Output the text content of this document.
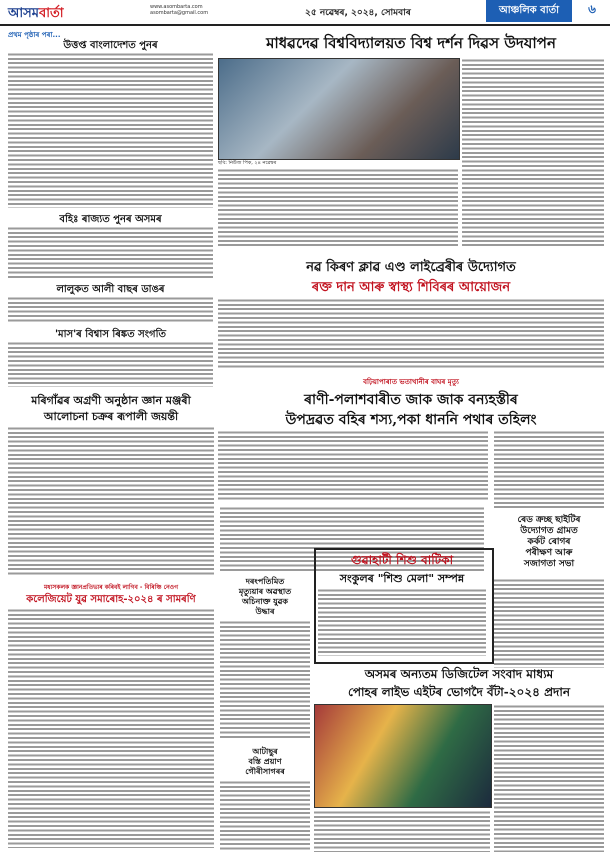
আসমবাৰ্তা	www.asombarta.com
asombarta@gmail.com	২৫ নৱেম্বৰ, ২০২৪, সোমবাৰ	আঞ্চলিক বাৰ্তা	৬
প্ৰথম পৃষ্ঠাৰ পৰা...
উত্তপ্ত বাংলাদেশত পুনৰ
বহিঃ ৰাজ্যত পুনৰ অসমৰ
লালুকত আলী বাছৰ ডাঙৰ
'মাস'ৰ বিশ্বাস ৰিঙ্কত সংগতি
মাধৱদেৱ বিশ্ববিদ্যালয়ত বিশ্ব দৰ্শন দিৱস উদযাপন
ছবি: নিউজ পিক, ২৪ নৱেম্বৰ
নৱ কিৰণ ক্লাৱ এণ্ড লাইব্ৰেৰীৰ উদ্যোগত
ৰক্ত দান আৰু স্বাস্থ্য শিবিৰৰ আয়োজন
বঢ়িয়াপাৰাত ভতাখানীৰ বাঘৰ মৃত্যু
ৰাণী-পলাশবাৰীত জাক জাক বন্যহস্তীৰ
উপদ্ৰৱত বহিৰ শস্য,পকা ধাননি পথাৰ তহিলং
ৰেড ক্ৰচ্ছ ছাইটিৰ
উদ্যোগত গ্ৰামত
কৰ্কট ৰোগৰ
পৰীক্ষণ আৰু
সজাগতা সভা
মৰিগাঁৱৰ অগ্ৰণী অনুষ্ঠান জ্ঞান মঞ্জৰী
আলোচনা চক্ৰৰ ৰূপালী জয়ন্তী
মধ্যসকলক জ্ঞানপ্ৰতিভাৰ কৰিবই লাগিব - বিৰিঞ্চি নেওগ
কলেজিয়েট যুৱ সমাৰোহ-২০২৪ ৰ সামৰণি
দৰংপতিমিত
মৃত্যুয়াৰ অৱস্থাত
অচিনাক্ত যুৱক
উদ্ধাৰ
গুৱাহাটী শিশু বাটিকা
সংকুলৰ "শিশু মেলা" সম্পন্ন
অসমৰ অন্যতম ডিজিটেল সংবাদ মাধ্যম
পোহৰ লাইভ এইটৰ ভোগদৈ বঁটা-২০২৪ প্ৰদান
আটাছুৰ
বস্তি প্ৰয়াণ
গৌৰীসাগৰৰ
